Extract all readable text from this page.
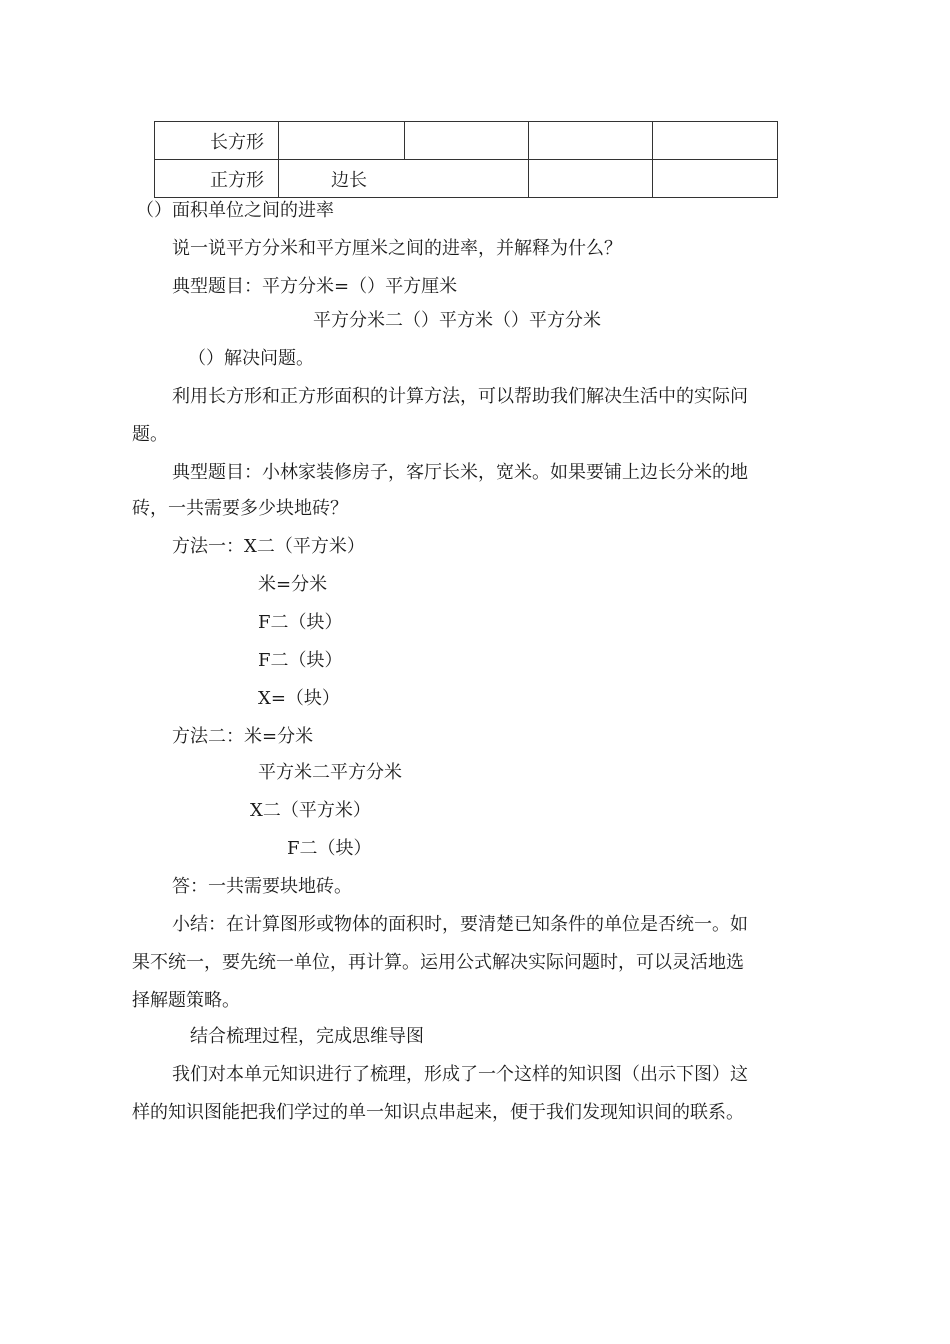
长方形				
正方形	边长			
（）面积单位之间的进率
说一说平方分米和平方厘米之间的进率，并解释为什么？
典型题目：平方分米=（）平方厘米
平方分米二（）平方米（）平方分米
（）解决问题。
利用长方形和正方形面积的计算方法，可以帮助我们解决生活中的实际问
题。
典型题目：小林家装修房子，客厅长米，宽米。如果要铺上边长分米的地
砖，一共需要多少块地砖？
方法一：X二（平方米）
米=分米
F二（块）
F二（块）
X=（块）
方法二：米=分米
平方米二平方分米
X二（平方米）
F二（块）
答：一共需要块地砖。
小结：在计算图形或物体的面积时，要清楚已知条件的单位是否统一。如
果不统一，要先统一单位，再计算。运用公式解决实际问题时，可以灵活地选
择解题策略。
结合梳理过程，完成思维导图
我们对本单元知识进行了梳理，形成了一个这样的知识图（出示下图）这
样的知识图能把我们学过的单一知识点串起来，便于我们发现知识间的联系。
